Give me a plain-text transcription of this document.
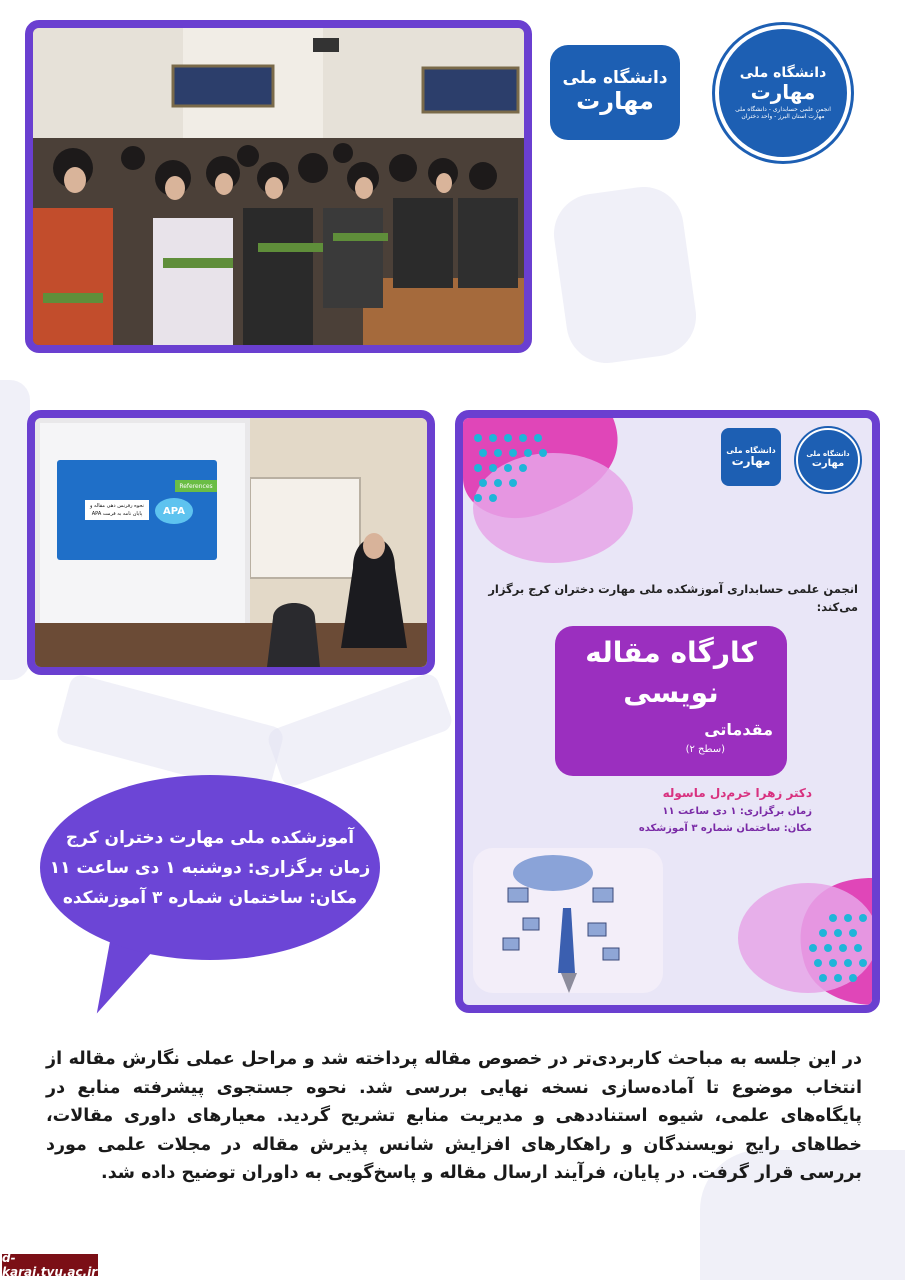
دانشگاه ملی
مهارت
دانشگاه ملی
مهارت
انجمن علمی حسابداری - دانشگاه ملی مهارت استان البرز - واحد دختران
نحوه رفرنس دهی مقاله و پایان نامه به فرمت APA	APA
References
دانشگاه ملی
مهارت	دانشگاه ملی
مهارت
انجمن علمی حسابداری آموزشکده ملی مهارت دختران کرج برگزار می‌کند:
کارگاه مقاله
نویسی
مقدماتی
(سطح ۲)
دکتر زهرا خرم‌دل ماسوله
زمان برگزاری: ۱ دی ساعت ۱۱
مکان: ساختمان شماره ۳ آموزشکده
آموزشکده ملی مهارت دختران کرج
زمان برگزاری: دوشنبه ۱ دی ساعت ۱۱
مکان: ساختمان شماره ۳ آموزشکده
در این جلسه به مباحث کاربردی‌تر در خصوص مقاله پرداخته شد و مراحل عملی نگارش مقاله از انتخاب موضوع تا آماده‌سازی نسخه نهایی بررسی شد. نحوه جستجوی پیشرفته منابع در پایگاه‌های علمی، شیوه استناددهی و مدیریت منابع تشریح گردید. معیارهای داوری مقالات، خطاهای رایج نویسندگان و راهکارهای افزایش شانس پذیرش مقاله در مجلات علمی مورد بررسی قرار گرفت. در پایان، فرآیند ارسال مقاله و پاسخ‌گویی به داوران توضیح داده شد.
d-karaj.tvu.ac.ir
